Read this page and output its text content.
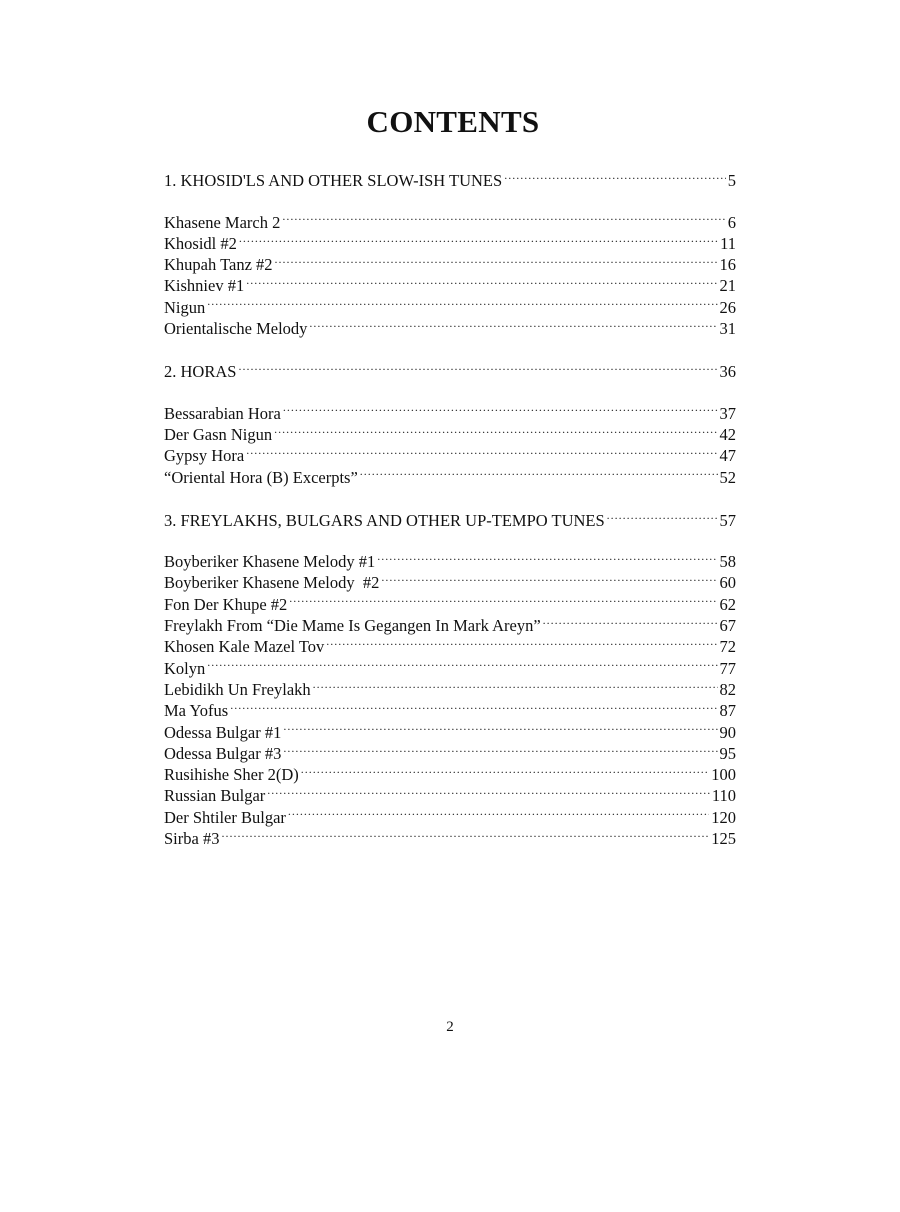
CONTENTS
1. KHOSID'LS AND OTHER SLOW-ISH TUNES .....	5
Khasene March 2 .....	6
Khosidl #2 .....	11
Khupah Tanz #2 .....	16
Kishniev #1 .....	21
Nigun .....	26
Orientalische Melody .....	31
2. HORAS .....	36
Bessarabian Hora .....	37
Der Gasn Nigun .....	42
Gypsy Hora .....	47
“Oriental Hora (B) Excerpts” .....	52
3. FREYLAKHS, BULGARS AND OTHER UP-TEMPO TUNES .....	57
Boyberiker Khasene Melody #1 .....	58
Boyberiker Khasene Melody  #2 .....	60
Fon Der Khupe #2 .....	62
Freylakh From “Die Mame Is Gegangen In Mark Areyn” .....	67
Khosen Kale Mazel Tov .....	72
Kolyn .....	77
Lebidikh Un Freylakh .....	82
Ma Yofus .....	87
Odessa Bulgar #1 .....	90
Odessa Bulgar #3 .....	95
Rusihishe Sher 2(D) .....	100
Russian Bulgar .....	110
Der Shtiler Bulgar .....	120
Sirba #3 .....	125
2
